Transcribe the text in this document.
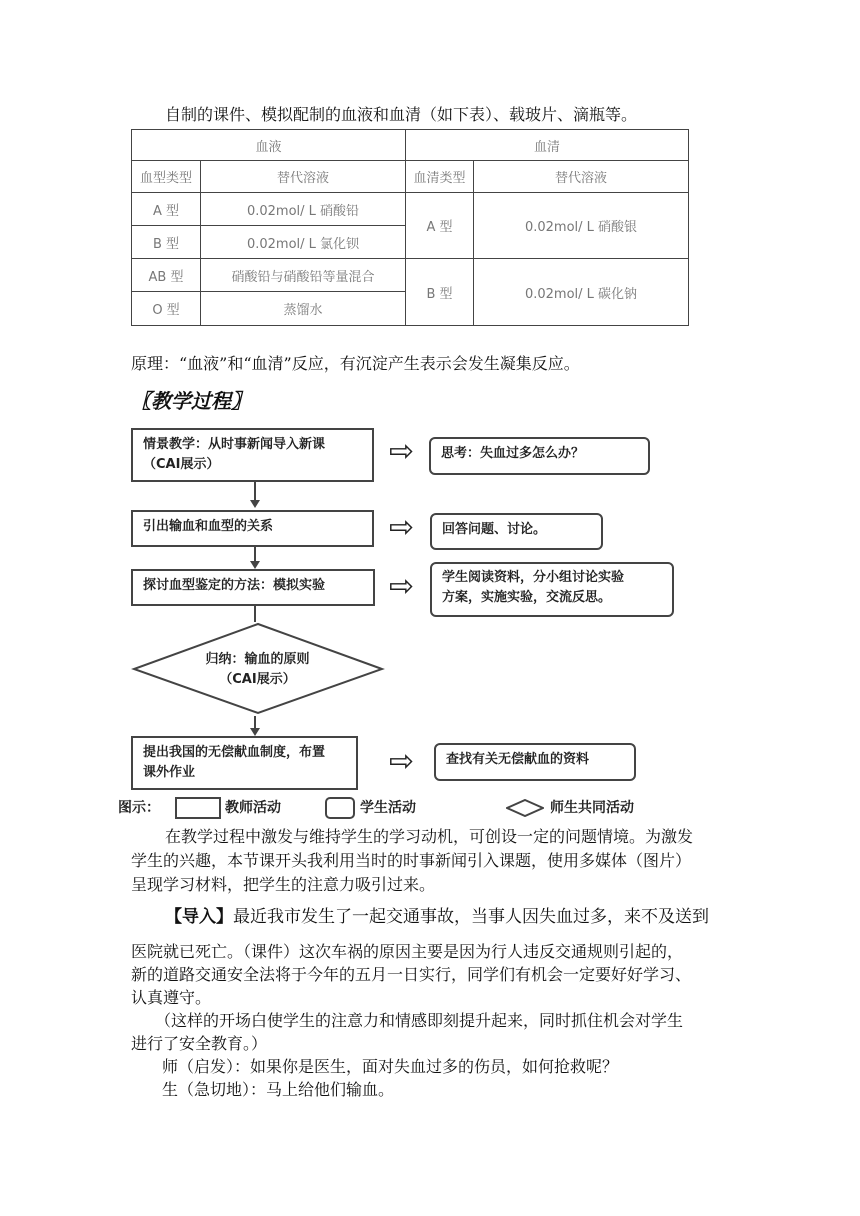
自制的课件、模拟配制的血液和血清（如下表）、载玻片、滴瓶等。
血液		血清	
血型类型	替代溶液	血清类型	替代溶液
A 型	0.02mol/ L 硝酸铅	A 型	0.02mol/ L 硝酸银
B 型	0.02mol/ L 氯化钡		
AB 型	硝酸铅与硝酸铅等量混合	B 型	0.02mol/ L 碳化钠
O 型	蒸馏水		
原理：“血液”和“血清”反应，有沉淀产生表示会发生凝集反应。
〖教学过程〗
情景教学：从时事新闻导入新课
（CAI展示）	⇨	思考：失血过多怎么办？
引出输血和血型的关系	⇨	回答问题、讨论。
探讨血型鉴定的方法：模拟实验	⇨	学生阅读资料，分小组讨论实验
方案，实施实验，交流反思。
归纳：输血的原则
（CAI展示）
提出我国的无偿献血制度，布置
课外作业	⇨	查找有关无偿献血的资料
图示：	教师活动	学生活动	师生共同活动
在教学过程中激发与维持学生的学习动机，可创设一定的问题情境。为激发
学生的兴趣，本节课开头我利用当时的时事新闻引入课题，使用多媒体（图片）
呈现学习材料，把学生的注意力吸引过来。
【导入】最近我市发生了一起交通事故，当事人因失血过多，来不及送到
医院就已死亡。（课件）这次车祸的原因主要是因为行人违反交通规则引起的，
新的道路交通安全法将于今年的五月一日实行，同学们有机会一定要好好学习、
认真遵守。
（这样的开场白使学生的注意力和情感即刻提升起来，同时抓住机会对学生
进行了安全教育。）
师（启发）：如果你是医生，面对失血过多的伤员，如何抢救呢？
生（急切地）：马上给他们输血。
